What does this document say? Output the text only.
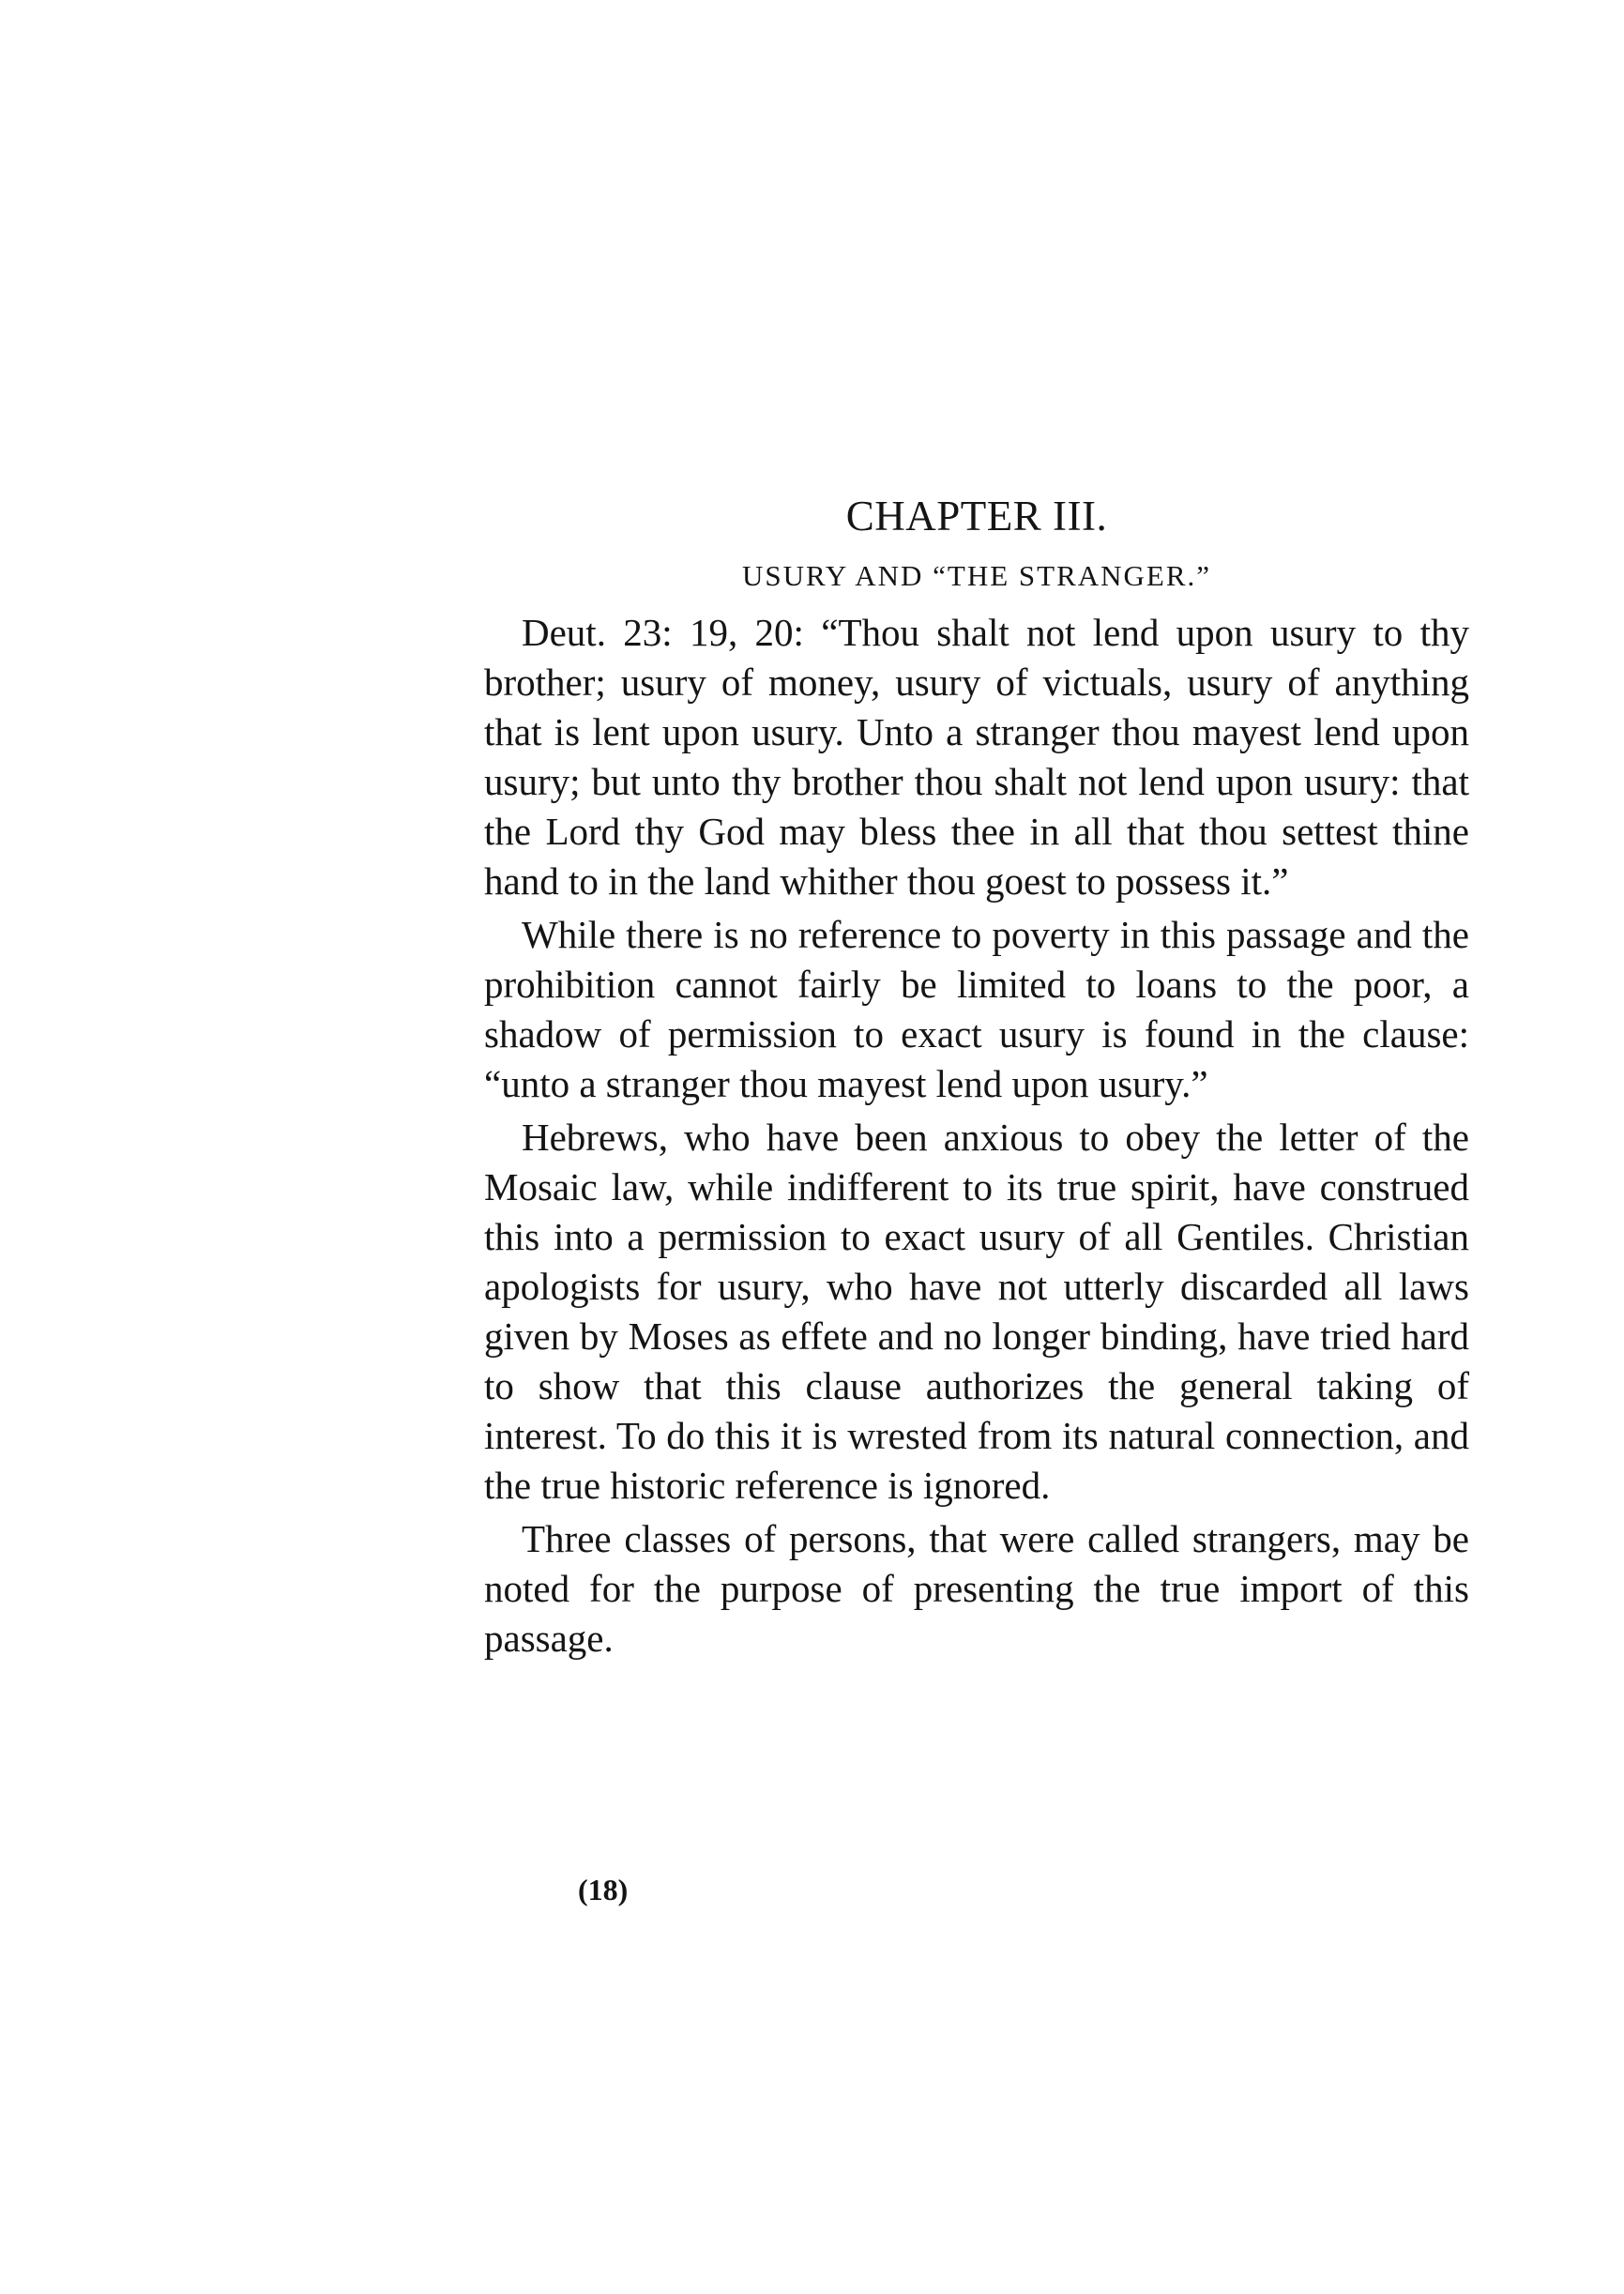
CHAPTER III.
USURY AND “THE STRANGER.”

Deut. 23: 19, 20: “Thou shalt not lend upon usury to thy brother; usury of money, usury of victuals, usury of anything that is lent upon usury. Unto a stranger thou mayest lend upon usury; but unto thy brother thou shalt not lend upon usury: that the Lord thy God may bless thee in all that thou settest thine hand to in the land whither thou goest to possess it.”

While there is no reference to poverty in this passage and the prohibition cannot fairly be limited to loans to the poor, a shadow of permission to exact usury is found in the clause: “unto a stranger thou mayest lend upon usury.”

Hebrews, who have been anxious to obey the letter of the Mosaic law, while indifferent to its true spirit, have construed this into a permission to exact usury of all Gentiles. Christian apologists for usury, who have not utterly discarded all laws given by Moses as effete and no longer binding, have tried hard to show that this clause authorizes the general taking of interest. To do this it is wrested from its natural connection, and the true historic reference is ignored.

Three classes of persons, that were called strangers, may be noted for the purpose of presenting the true import of this passage.

(18)
